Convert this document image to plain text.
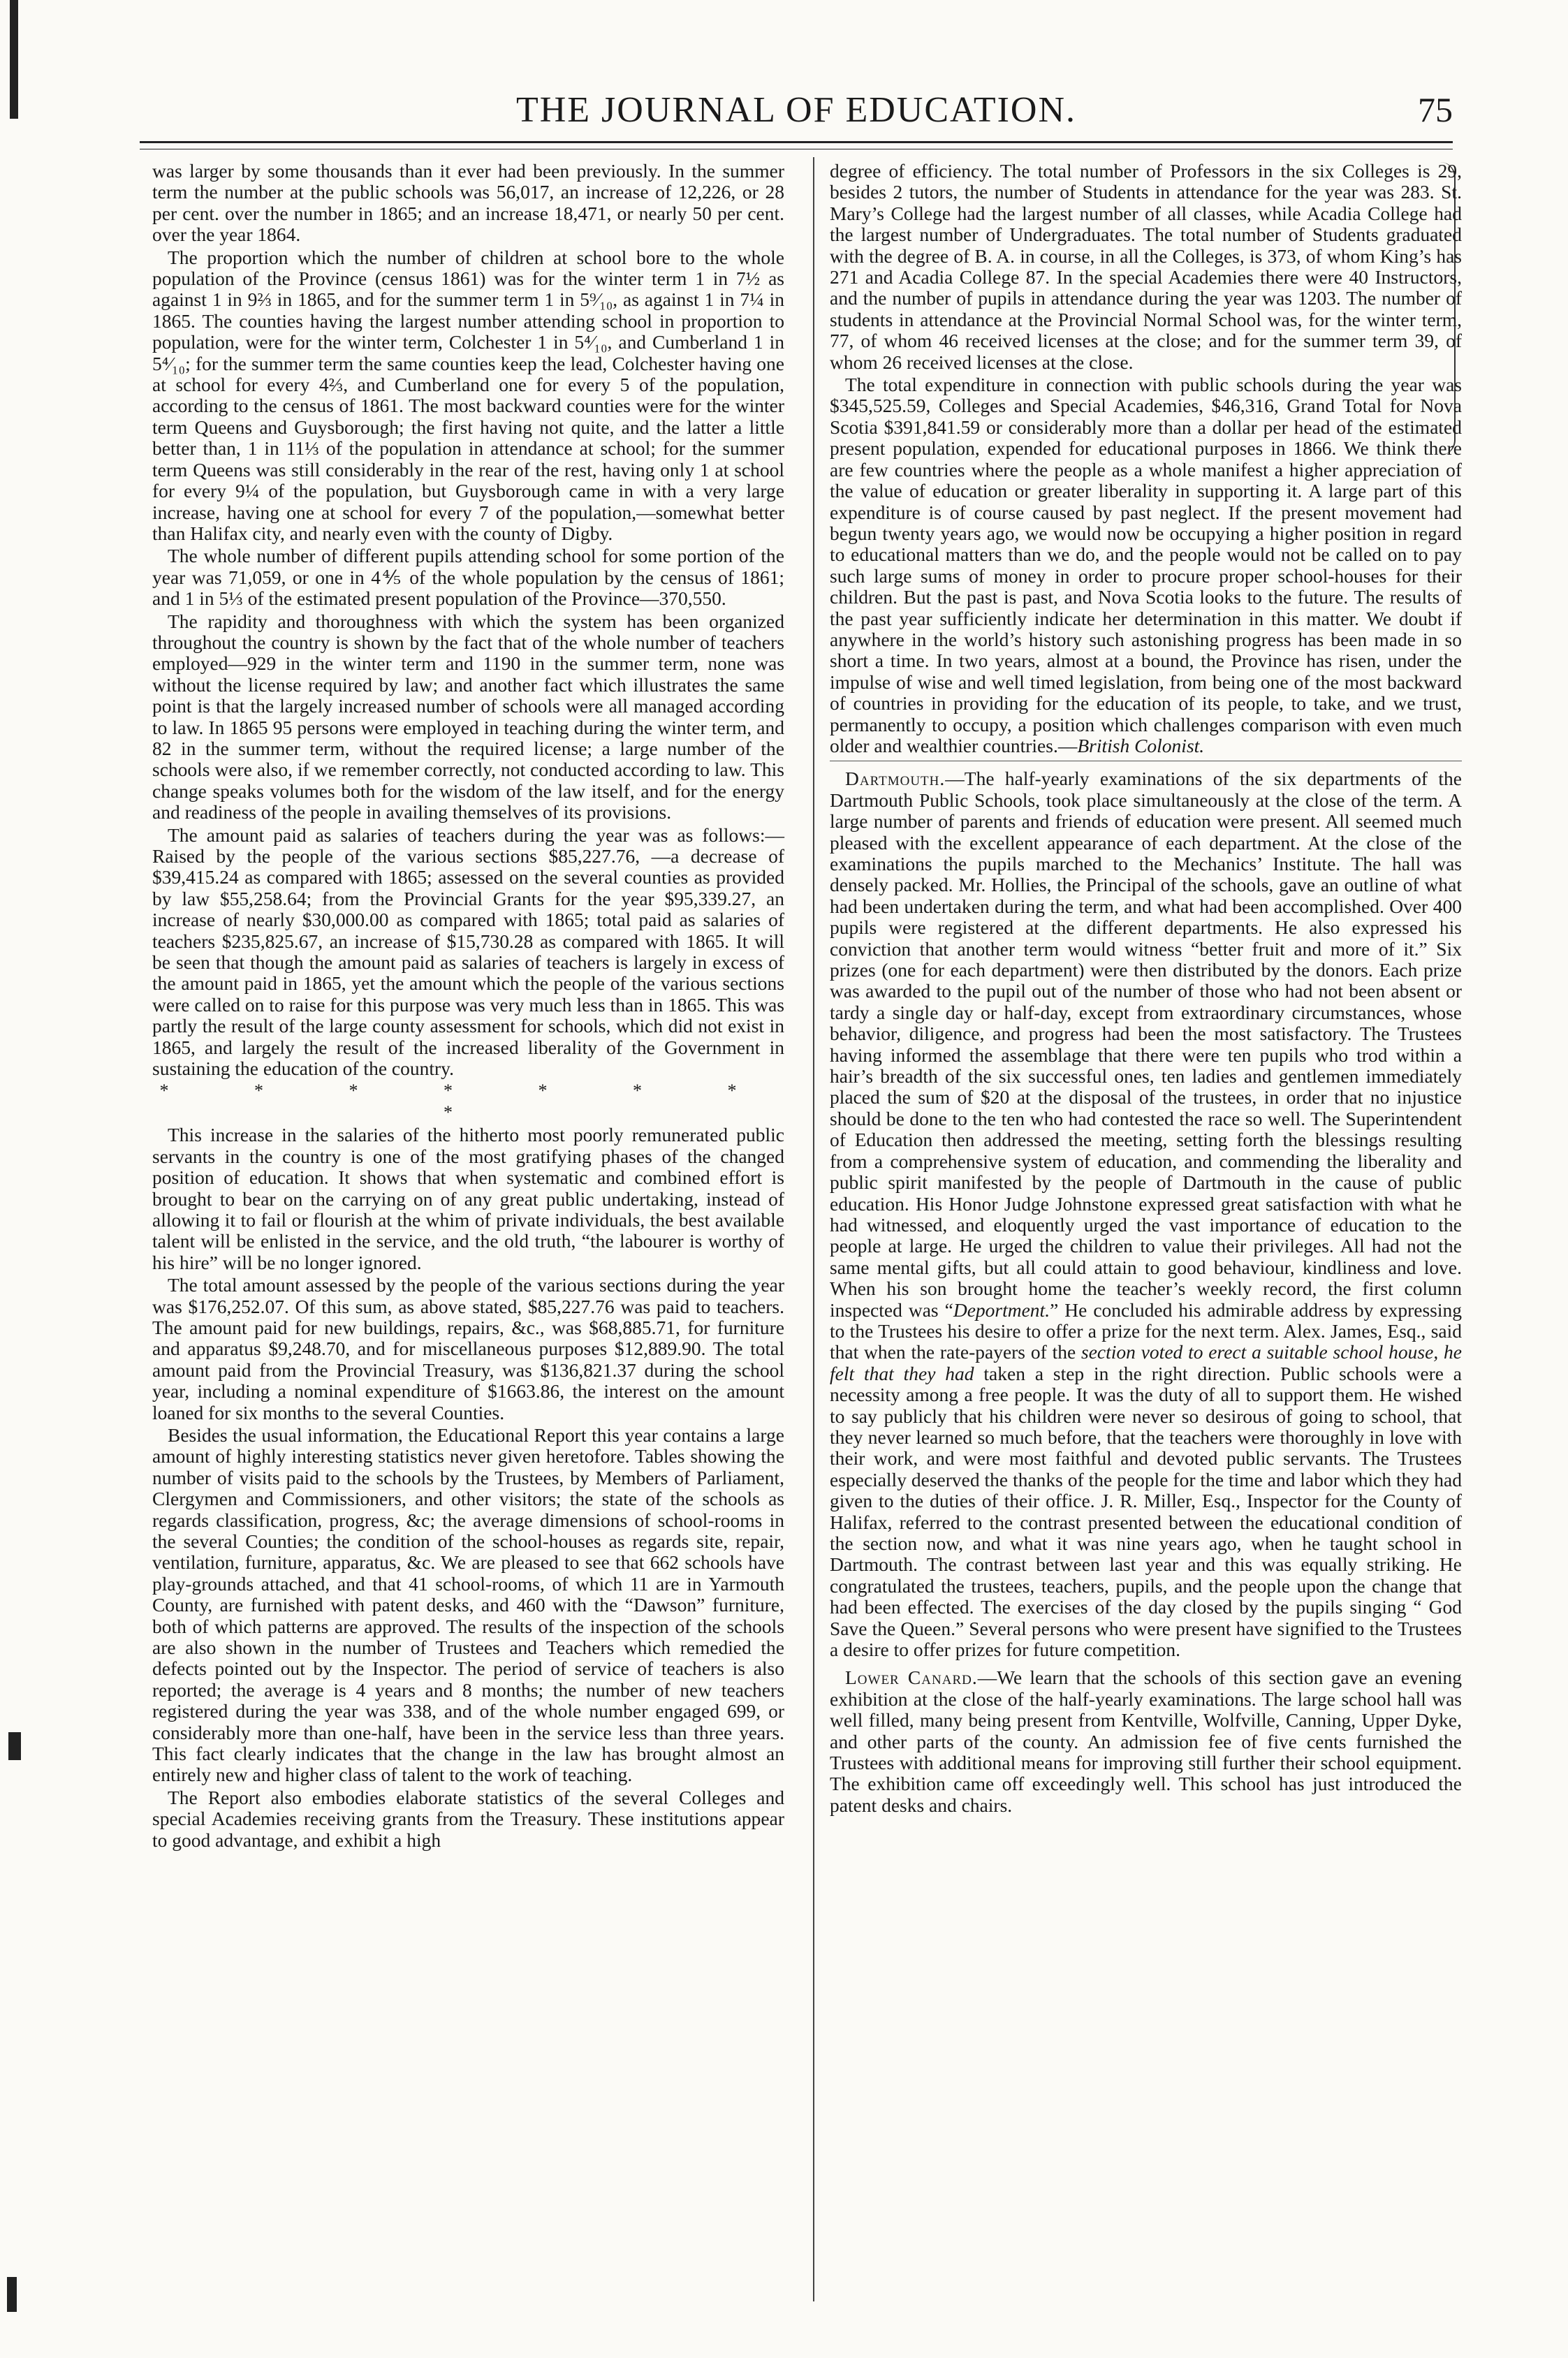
THE JOURNAL OF EDUCATION.	75

was larger by some thousands than it ever had been previously. In the summer term the number at the public schools was 56,017, an increase of 12,226, or 28 per cent. over the number in 1865; and an increase 18,471, or nearly 50 per cent. over the year 1864.

The proportion which the number of children at school bore to the whole population of the Province (census 1861) was for the winter term 1 in 7½ as against 1 in 9⅔ in 1865, and for the summer term 1 in 5⁹⁄₁₀, as against 1 in 7¼ in 1865. The counties having the largest number attending school in proportion to population, were for the winter term, Colchester 1 in 5⁴⁄₁₀, and Cumberland 1 in 5⁴⁄₁₀; for the summer term the same counties keep the lead, Colchester having one at school for every 4⅔, and Cumberland one for every 5 of the population, according to the census of 1861. The most backward counties were for the winter term Queens and Guysborough; the first having not quite, and the latter a little better than, 1 in 11⅓ of the population in attendance at school; for the summer term Queens was still considerably in the rear of the rest, having only 1 at school for every 9¼ of the population, but Guysborough came in with a very large increase, having one at school for every 7 of the population,—somewhat better than Halifax city, and nearly even with the county of Digby.

The whole number of different pupils attending school for some portion of the year was 71,059, or one in 4⅘ of the whole population by the census of 1861; and 1 in 5⅓ of the estimated present population of the Province—370,550.

The rapidity and thoroughness with which the system has been organized throughout the country is shown by the fact that of the whole number of teachers employed—929 in the winter term and 1190 in the summer term, none was without the license required by law; and another fact which illustrates the same point is that the largely increased number of schools were all managed according to law. In 1865 95 persons were employed in teaching during the winter term, and 82 in the summer term, without the required license; a large number of the schools were also, if we remember correctly, not conducted according to law. This change speaks volumes both for the wisdom of the law itself, and for the energy and readiness of the people in availing themselves of its provisions.

The amount paid as salaries of teachers during the year was as follows:—Raised by the people of the various sections $85,227.76, —a decrease of $39,415.24 as compared with 1865; assessed on the several counties as provided by law $55,258.64; from the Provincial Grants for the year $95,339.27, an increase of nearly $30,000.00 as compared with 1865; total paid as salaries of teachers $235,825.67, an increase of $15,730.28 as compared with 1865. It will be seen that though the amount paid as salaries of teachers is largely in excess of the amount paid in 1865, yet the amount which the people of the various sections were called on to raise for this purpose was very much less than in 1865. This was partly the result of the large county assessment for schools, which did not exist in 1865, and largely the result of the increased liberality of the Government in sustaining the education of the country.

* * * * * * * *

This increase in the salaries of the hitherto most poorly remunerated public servants in the country is one of the most gratifying phases of the changed position of education. It shows that when systematic and combined effort is brought to bear on the carrying on of any great public undertaking, instead of allowing it to fail or flourish at the whim of private individuals, the best available talent will be enlisted in the service, and the old truth, “the labourer is worthy of his hire” will be no longer ignored.

The total amount assessed by the people of the various sections during the year was $176,252.07. Of this sum, as above stated, $85,227.76 was paid to teachers. The amount paid for new buildings, repairs, &c., was $68,885.71, for furniture and apparatus $9,248.70, and for miscellaneous purposes $12,889.90. The total amount paid from the Provincial Treasury, was $136,821.37 during the school year, including a nominal expenditure of $1663.86, the interest on the amount loaned for six months to the several Counties.

Besides the usual information, the Educational Report this year contains a large amount of highly interesting statistics never given heretofore. Tables showing the number of visits paid to the schools by the Trustees, by Members of Parliament, Clergymen and Commissioners, and other visitors; the state of the schools as regards classification, progress, &c; the average dimensions of school-rooms in the several Counties; the condition of the school-houses as regards site, repair, ventilation, furniture, apparatus, &c. We are pleased to see that 662 schools have play-grounds attached, and that 41 school-rooms, of which 11 are in Yarmouth County, are furnished with patent desks, and 460 with the “Dawson” furniture, both of which patterns are approved. The results of the inspection of the schools are also shown in the number of Trustees and Teachers which remedied the defects pointed out by the Inspector. The period of service of teachers is also reported; the average is 4 years and 8 months; the number of new teachers registered during the year was 338, and of the whole number engaged 699, or considerably more than one-half, have been in the service less than three years. This fact clearly indicates that the change in the law has brought almost an entirely new and higher class of talent to the work of teaching.

The Report also embodies elaborate statistics of the several Colleges and special Academies receiving grants from the Treasury. These institutions appear to good advantage, and exhibit a high

degree of efficiency. The total number of Professors in the six Colleges is 29, besides 2 tutors, the number of Students in attendance for the year was 283. St. Mary’s College had the largest number of all classes, while Acadia College had the largest number of Undergraduates. The total number of Students graduated with the degree of B. A. in course, in all the Colleges, is 373, of whom King’s has 271 and Acadia College 87. In the special Academies there were 40 Instructors, and the number of pupils in attendance during the year was 1203. The number of students in attendance at the Provincial Normal School was, for the winter term, 77, of whom 46 received licenses at the close; and for the summer term 39, of whom 26 received licenses at the close.

The total expenditure in connection with public schools during the year was $345,525.59, Colleges and Special Academies, $46,316, Grand Total for Nova Scotia $391,841.59 or considerably more than a dollar per head of the estimated present population, expended for educational purposes in 1866. We think there are few countries where the people as a whole manifest a higher appreciation of the value of education or greater liberality in supporting it. A large part of this expenditure is of course caused by past neglect. If the present movement had begun twenty years ago, we would now be occupying a higher position in regard to educational matters than we do, and the people would not be called on to pay such large sums of money in order to procure proper school-houses for their children. But the past is past, and Nova Scotia looks to the future. The results of the past year sufficiently indicate her determination in this matter. We doubt if anywhere in the world’s history such astonishing progress has been made in so short a time. In two years, almost at a bound, the Province has risen, under the impulse of wise and well timed legislation, from being one of the most backward of countries in providing for the education of its people, to take, and we trust, permanently to occupy, a position which challenges comparison with even much older and wealthier countries.—British Colonist.

Dartmouth.—The half-yearly examinations of the six departments of the Dartmouth Public Schools, took place simultaneously at the close of the term. A large number of parents and friends of education were present. All seemed much pleased with the excellent appearance of each department. At the close of the examinations the pupils marched to the Mechanics’ Institute. The hall was densely packed. Mr. Hollies, the Principal of the schools, gave an outline of what had been undertaken during the term, and what had been accomplished. Over 400 pupils were registered at the different departments. He also expressed his conviction that another term would witness “better fruit and more of it.” Six prizes (one for each department) were then distributed by the donors. Each prize was awarded to the pupil out of the number of those who had not been absent or tardy a single day or half-day, except from extraordinary circumstances, whose behavior, diligence, and progress had been the most satisfactory. The Trustees having informed the assemblage that there were ten pupils who trod within a hair’s breadth of the six successful ones, ten ladies and gentlemen immediately placed the sum of $20 at the disposal of the trustees, in order that no injustice should be done to the ten who had contested the race so well. The Superintendent of Education then addressed the meeting, setting forth the blessings resulting from a comprehensive system of education, and commending the liberality and public spirit manifested by the people of Dartmouth in the cause of public education. His Honor Judge Johnstone expressed great satisfaction with what he had witnessed, and eloquently urged the vast importance of education to the people at large. He urged the children to value their privileges. All had not the same mental gifts, but all could attain to good behaviour, kindliness and love. When his son brought home the teacher’s weekly record, the first column inspected was “Deportment.” He concluded his admirable address by expressing to the Trustees his desire to offer a prize for the next term. Alex. James, Esq., said that when the rate-payers of the section voted to erect a suitable school house, he felt that they had taken a step in the right direction. Public schools were a necessity among a free people. It was the duty of all to support them. He wished to say publicly that his children were never so desirous of going to school, that they never learned so much before, that the teachers were thoroughly in love with their work, and were most faithful and devoted public servants. The Trustees especially deserved the thanks of the people for the time and labor which they had given to the duties of their office. J. R. Miller, Esq., Inspector for the County of Halifax, referred to the contrast presented between the educational condition of the section now, and what it was nine years ago, when he taught school in Dartmouth. The contrast between last year and this was equally striking. He congratulated the trustees, teachers, pupils, and the people upon the change that had been effected. The exercises of the day closed by the pupils singing “ God Save the Queen.” Several persons who were present have signified to the Trustees a desire to offer prizes for future competition.

Lower Canard.—We learn that the schools of this section gave an evening exhibition at the close of the half-yearly examinations. The large school hall was well filled, many being present from Kentville, Wolfville, Canning, Upper Dyke, and other parts of the county. An admission fee of five cents furnished the Trustees with additional means for improving still further their school equipment. The exhibition came off exceedingly well. This school has just introduced the patent desks and chairs.
